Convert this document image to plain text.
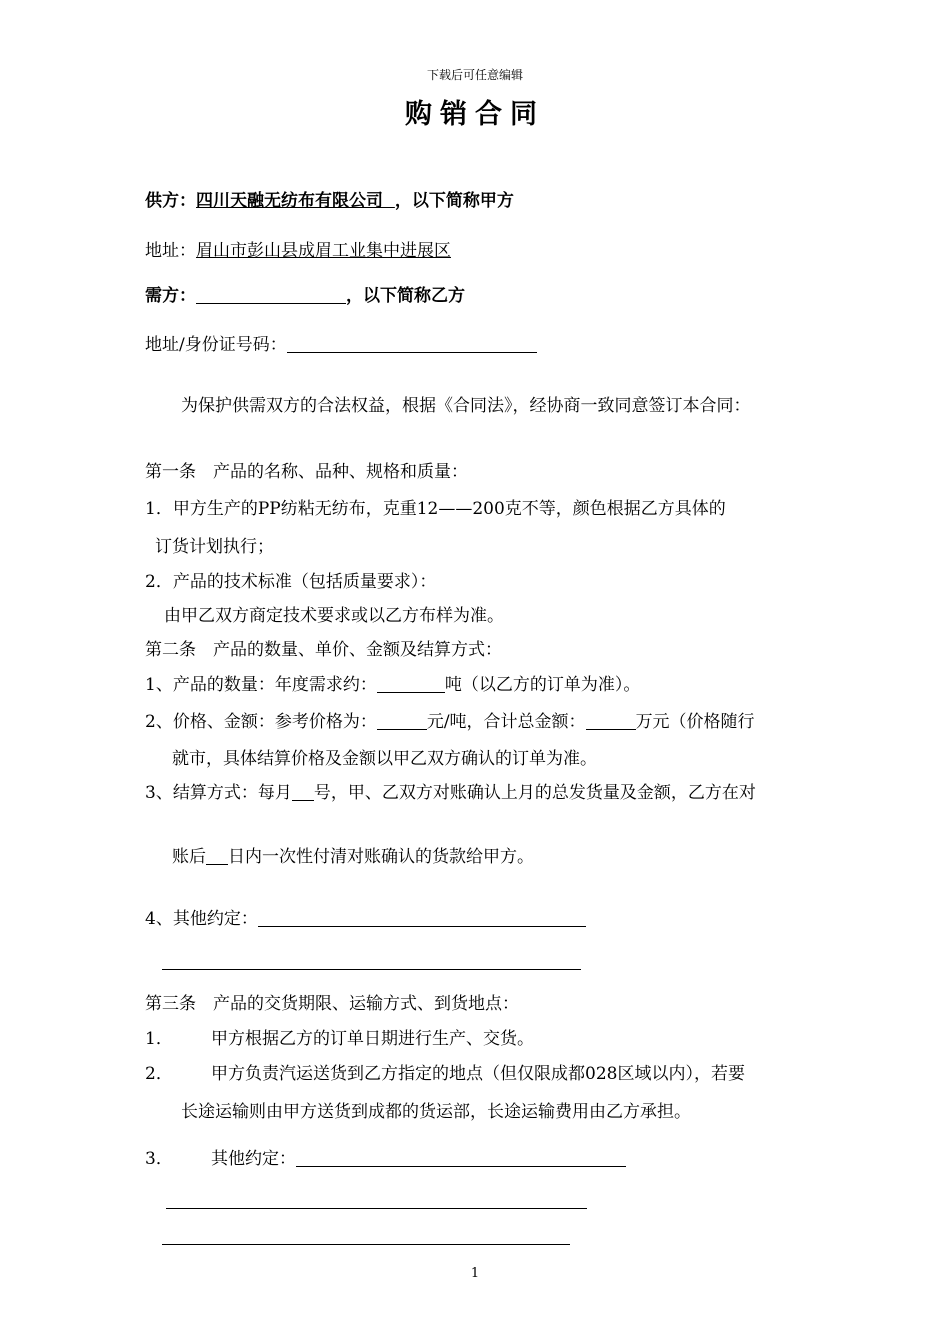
下载后可任意编辑
购销合同
供方：四川天融无纺布有限公司 ，以下简称甲方
地址：眉山市彭山县成眉工业集中进展区
需方：	，以下简称乙方
地址/身份证号码：
为保护供需双方的合法权益，根据《合同法》，经协商一致同意签订本合同：
第一条　产品的名称、品种、规格和质量：
1．甲方生产的PP纺粘无纺布，克重12——200克不等，颜色根据乙方具体的
订货计划执行；
2．产品的技术标准（包括质量要求）：
由甲乙双方商定技术要求或以乙方布样为准。
第二条　产品的数量、单价、金额及结算方式：
1、产品的数量：年度需求约：	吨（以乙方的订单为准）。
2、价格、金额：参考价格为：	元/吨，合计总金额：	万元（价格随行
就市，具体结算价格及金额以甲乙双方确认的订单为准。
3、结算方式：每月 号，甲、乙双方对账确认上月的总发货量及金额，乙方在对
账后 日内一次性付清对账确认的货款给甲方。
4、其他约定：
第三条　产品的交货期限、运输方式、到货地点：
1． 甲方根据乙方的订单日期进行生产、交货。
2． 甲方负责汽运送货到乙方指定的地点（但仅限成都028区域以内），若要
长途运输则由甲方送货到成都的货运部，长途运输费用由乙方承担。
3． 其他约定：
1
